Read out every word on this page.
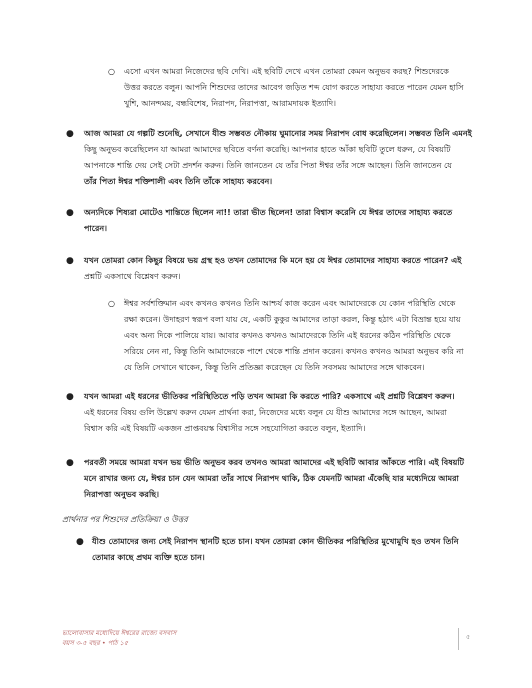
○ এসো এখন আমরা নিজেদের ছবি দেখি। এই ছবিটি দেখে এখন তোমরা কেমন অনুভব করছ? শিশুদেরকে

উত্তর করতে বলুন। আপনি শিশুদের তাদের আবেগ জড়িত শব্দ যোগ করতে সাহায্য করতে পারেন যেমন হাসি

খুশি, আনন্দময়, বন্ধবিশেষ, নিরাপদ, নিরাপত্তা, আরামদায়ক ইত্যাদি।

● আজ আমরা যে গল্পটি শুনেছি, সেখানে যীশু সম্ভবত নৌকায় ঘুমানোর সময় নিরাপদ বোধ করেছিলেন। সম্ভবত তিনি এমনই

কিছু অনুভব করেছিলেন যা আমরা আমাদের ছবিতে বর্ণনা করেছি। আপনার হাতে আঁকা ছবিটি তুলে ধরুন, যে বিষয়টি

আপনাকে শান্তি দেয় সেই সেটা প্রদর্শন করুন। তিনি জানতেন যে তাঁর পিতা ঈশ্বর তাঁর সঙ্গে আছেন। তিনি জানতেন যে

তাঁর পিতা ঈশ্বর শক্তিশালী এবং তিনি তাঁকে সাহায্য করবেন।

● অন্যদিকে শিষ্যরা মোটেও শান্তিতে ছিলেন না!! তারা ভীত ছিলেন! তারা বিশ্বাস করেনি যে ঈশ্বর তাদের সাহায্য করতে

পারেন।

● যখন তোমরা কোন কিছুর বিষয়ে ভয় গ্রস্থ হও তখন তোমাদের কি মনে হয় যে ঈশ্বর তোমাদের সাহায্য করতে পারেন? এই

প্রশ্নটি একসাথে বিশ্লেষণ করুন।

○ ঈশ্বর সর্বশক্তিমান এবং কখনও কখনও তিনি আশ্চর্য কাজ করেন এবং আমাদেরকে যে কোন পরিস্থিতি থেকে

রক্ষা করেন। উদাহরণ স্বরূপ বলা যায় যে, একটি কুকুর আমাদের তাড়া করল, কিন্তু হঠাৎ এটা বিভ্রান্ত হয়ে যায়

এবং অন্য দিকে পালিয়ে যায়। আবার কখনও কখনও আমাদেরকে তিনি এই ধরনের কঠিন পরিস্থিতি থেকে

সরিয়ে নেন না, কিন্তু তিনি আমাদেরকে পাশে থেকে শান্তি প্রদান করেন। কখনও কখনও আমরা অনুভব করি না

যে তিনি সেখানে থাকেন, কিন্তু তিনি প্রতিজ্ঞা করেছেন যে তিনি সবসময় আমাদের সঙ্গে থাকবেন।

● যখন আমরা এই ধরনের ভীতিকর পরিস্থিতিতে পড়ি তখন আমরা কি করতে পারি? একসাথে এই প্রশ্নটি বিশ্লেষণ করুন।

এই ধরনের বিষয় গুলি উল্লেখ করুন যেমন প্রার্থনা করা, নিজেদের মধ্যে বলুন যে যীশু আমাদের সঙ্গে আছেন, আমরা

বিশ্বাস করি এই বিষয়টি একজন প্রাপ্তবয়স্ক বিশ্বাসীর সঙ্গে সহযোগিতা করতে বলুন, ইত্যাদি।

● পরবর্তী সময়ে আমরা যখন ভয় ভীতি অনুভব করব তখনও আমরা আমাদের এই ছবিটি আবার আঁকতে পারি। এই বিষয়টি

মনে রাখার জন্য যে, ঈশ্বর চান যেন আমরা তাঁর সাথে নিরাপদ থাকি, ঠিক যেমনটি আমরা এঁকেছি যার মধ্যেদিয়ে আমরা

নিরাপত্তা অনুভব করছি।

প্রার্থনার পর শিশুদের প্রতিক্রিয়া ও উত্তর
● যীশু তোমাদের জন্য সেই নিরাপদ স্থানটি হতে চান। যখন তোমরা কোন ভীতিকর পরিস্থিতির মুখোমুখি হও তখন তিনি

তোমার কাছে প্রথম ব্যক্তি হতে চান।

ভালোবাসার মধ্যেদিয়ে ঈশ্বরের রাজ্যে বসবাস
বয়স ৩-৫ বছর • পাঠ ১৫
৫
